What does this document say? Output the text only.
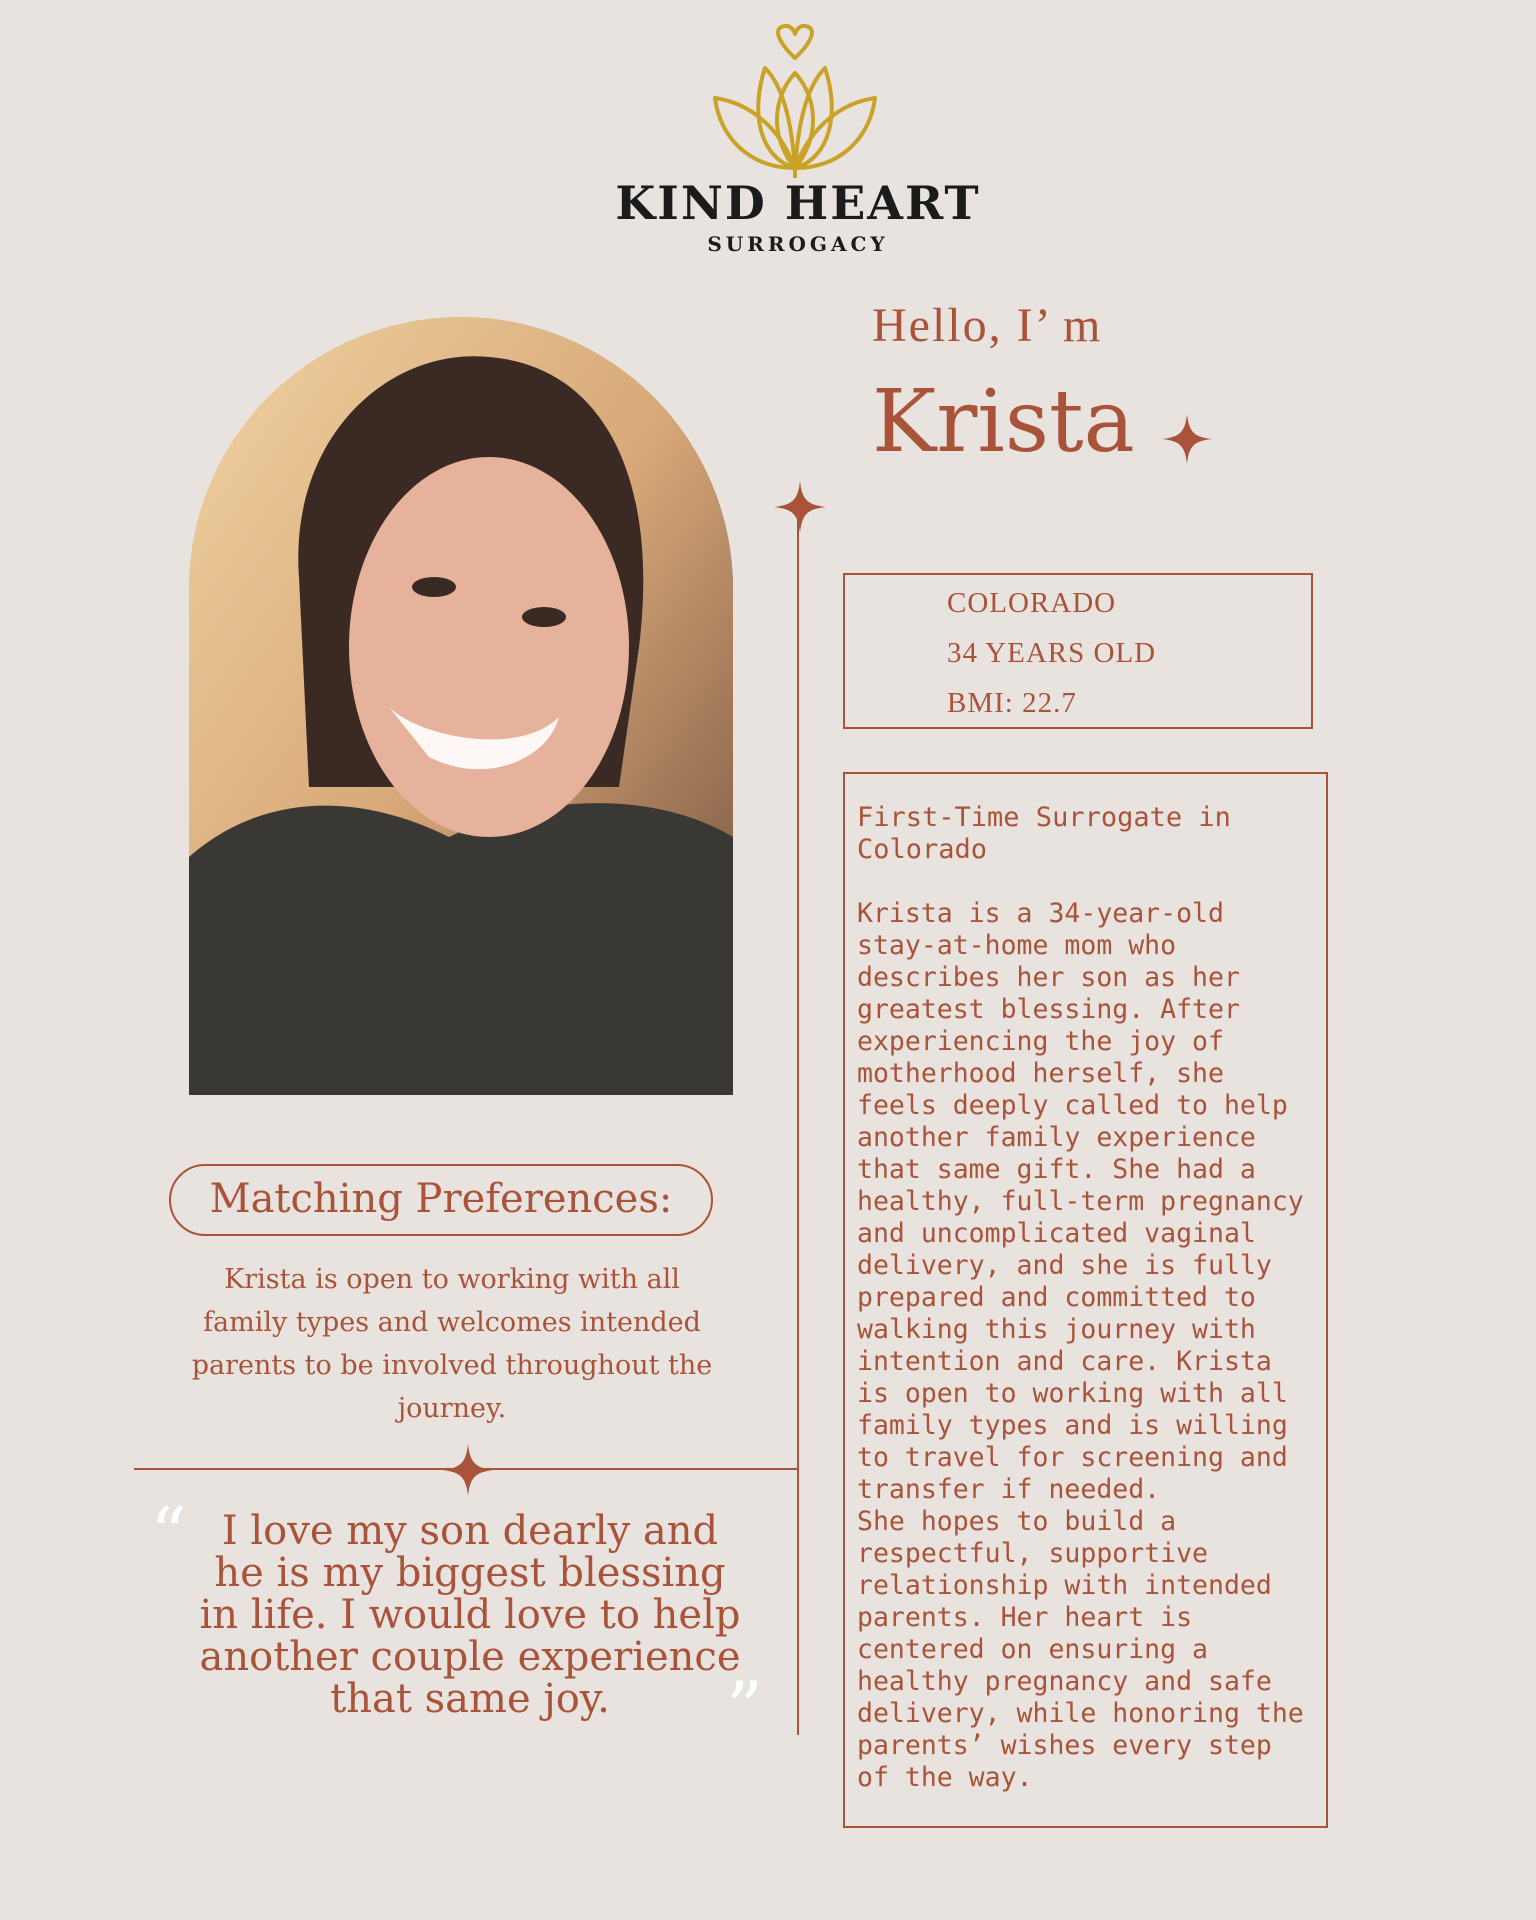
KIND HEART
SURROGACY
Hello, I’ m
Krista
COLORADO
34 YEARS OLD
BMI: 22.7
First-Time Surrogate in Colorado
Krista is a 34-year-old stay-at-home mom who describes her son as her greatest blessing. After experiencing the joy of motherhood herself, she feels deeply called to help another family experience that same gift. She had a healthy, full-term pregnancy and uncomplicated vaginal delivery, and she is fully prepared and committed to walking this journey with intention and care. Krista is open to working with all family types and is willing to travel for screening and transfer if needed.
She hopes to build a respectful, supportive relationship with intended parents. Her heart is centered on ensuring a healthy pregnancy and safe delivery, while honoring the parents’ wishes every step of the way.
Matching Preferences:
Krista is open to working with all family types and welcomes intended parents to be involved throughout the journey.
“ I love my son dearly and he is my biggest blessing in life. I would love to help another couple experience that same joy.	”
